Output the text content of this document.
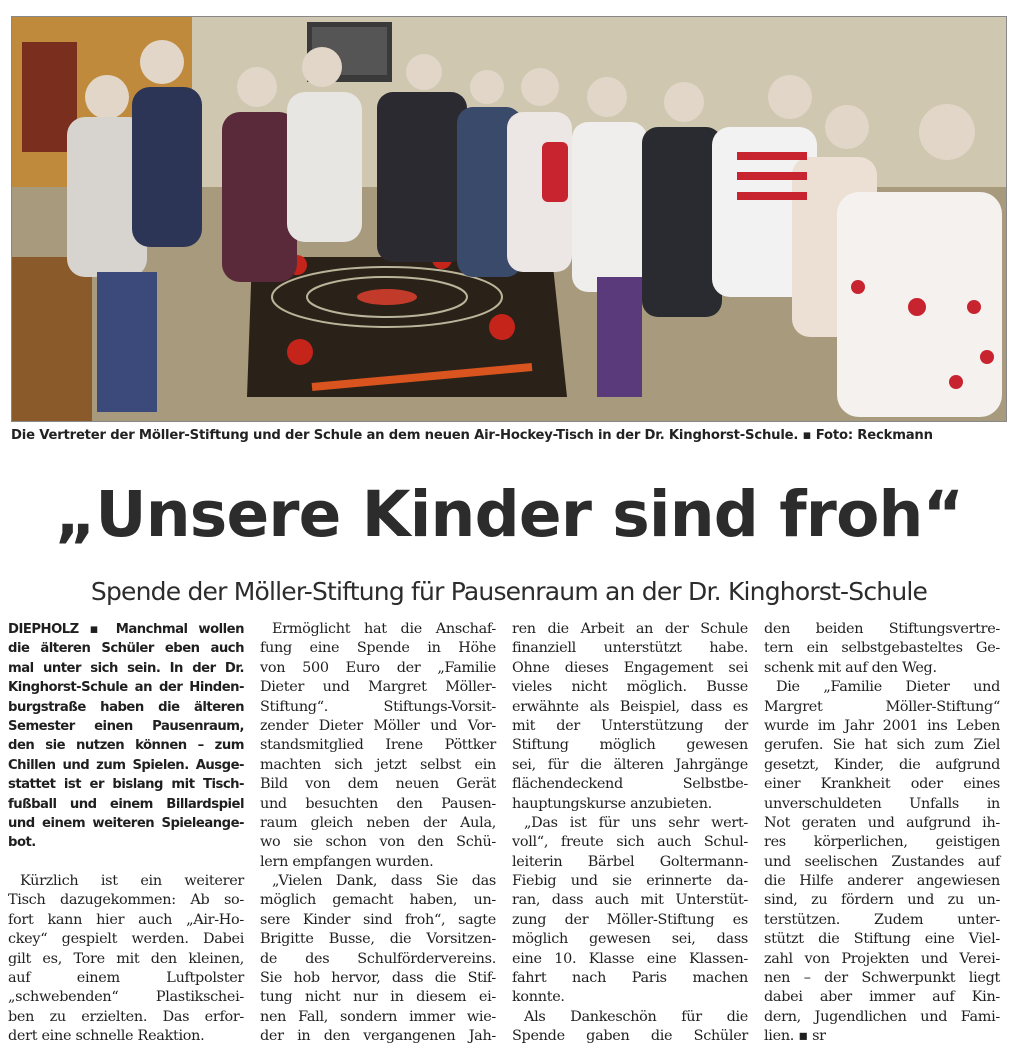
Die Vertreter der Möller-Stiftung und der Schule an dem neuen Air-Hockey-Tisch in der Dr. Kinghorst-Schule. ▪ Foto: Reckmann
„Unsere Kinder sind froh“
Spende der Möller-Stiftung für Pausenraum an der Dr. Kinghorst-Schule
DIEPHOLZ ▪ Manchmal wollen
die älteren Schüler eben auch
mal unter sich sein. In der Dr.
Kinghorst-Schule an der Hinden-
burgstraße haben die älteren
Semester einen Pausenraum,
den sie nutzen können – zum
Chillen und zum Spielen. Ausge-
stattet ist er bislang mit Tisch-
fußball und einem Billardspiel
und einem weiteren Spieleange-
bot.
Kürzlich ist ein weiterer
Tisch dazugekommen: Ab so-
fort kann hier auch „Air-Ho-
ckey“ gespielt werden. Dabei
gilt es, Tore mit den kleinen,
auf einem Luftpolster
„schwebenden“ Plastikschei-
ben zu erzielten. Das erfor-
dert eine schnelle Reaktion.
Ermöglicht hat die Anschaf-
fung eine Spende in Höhe
von 500 Euro der „Familie
Dieter und Margret Möller-
Stiftung“. Stiftungs-Vorsit-
zender Dieter Möller und Vor-
standsmitglied Irene Pöttker
machten sich jetzt selbst ein
Bild von dem neuen Gerät
und besuchten den Pausen-
raum gleich neben der Aula,
wo sie schon von den Schü-
lern empfangen wurden.
„Vielen Dank, dass Sie das
möglich gemacht haben, un-
sere Kinder sind froh“, sagte
Brigitte Busse, die Vorsitzen-
de des Schulfördervereins.
Sie hob hervor, dass die Stif-
tung nicht nur in diesem ei-
nen Fall, sondern immer wie-
der in den vergangenen Jah-
ren die Arbeit an der Schule
finanziell unterstützt habe.
Ohne dieses Engagement sei
vieles nicht möglich. Busse
erwähnte als Beispiel, dass es
mit der Unterstützung der
Stiftung möglich gewesen
sei, für die älteren Jahrgänge
flächendeckend Selbstbe-
hauptungskurse anzubieten.
„Das ist für uns sehr wert-
voll“, freute sich auch Schul-
leiterin Bärbel Goltermann-
Fiebig und sie erinnerte da-
ran, dass auch mit Unterstüt-
zung der Möller-Stiftung es
möglich gewesen sei, dass
eine 10. Klasse eine Klassen-
fahrt nach Paris machen
konnte.
Als Dankeschön für die
Spende gaben die Schüler
den beiden Stiftungsvertre-
tern ein selbstgebasteltes Ge-
schenk mit auf den Weg.
Die „Familie Dieter und
Margret Möller-Stiftung“
wurde im Jahr 2001 ins Leben
gerufen. Sie hat sich zum Ziel
gesetzt, Kinder, die aufgrund
einer Krankheit oder eines
unverschuldeten Unfalls in
Not geraten und aufgrund ih-
res körperlichen, geistigen
und seelischen Zustandes auf
die Hilfe anderer angewiesen
sind, zu fördern und zu un-
terstützen. Zudem unter-
stützt die Stiftung eine Viel-
zahl von Projekten und Verei-
nen – der Schwerpunkt liegt
dabei aber immer auf Kin-
dern, Jugendlichen und Fami-
lien. ▪ sr
